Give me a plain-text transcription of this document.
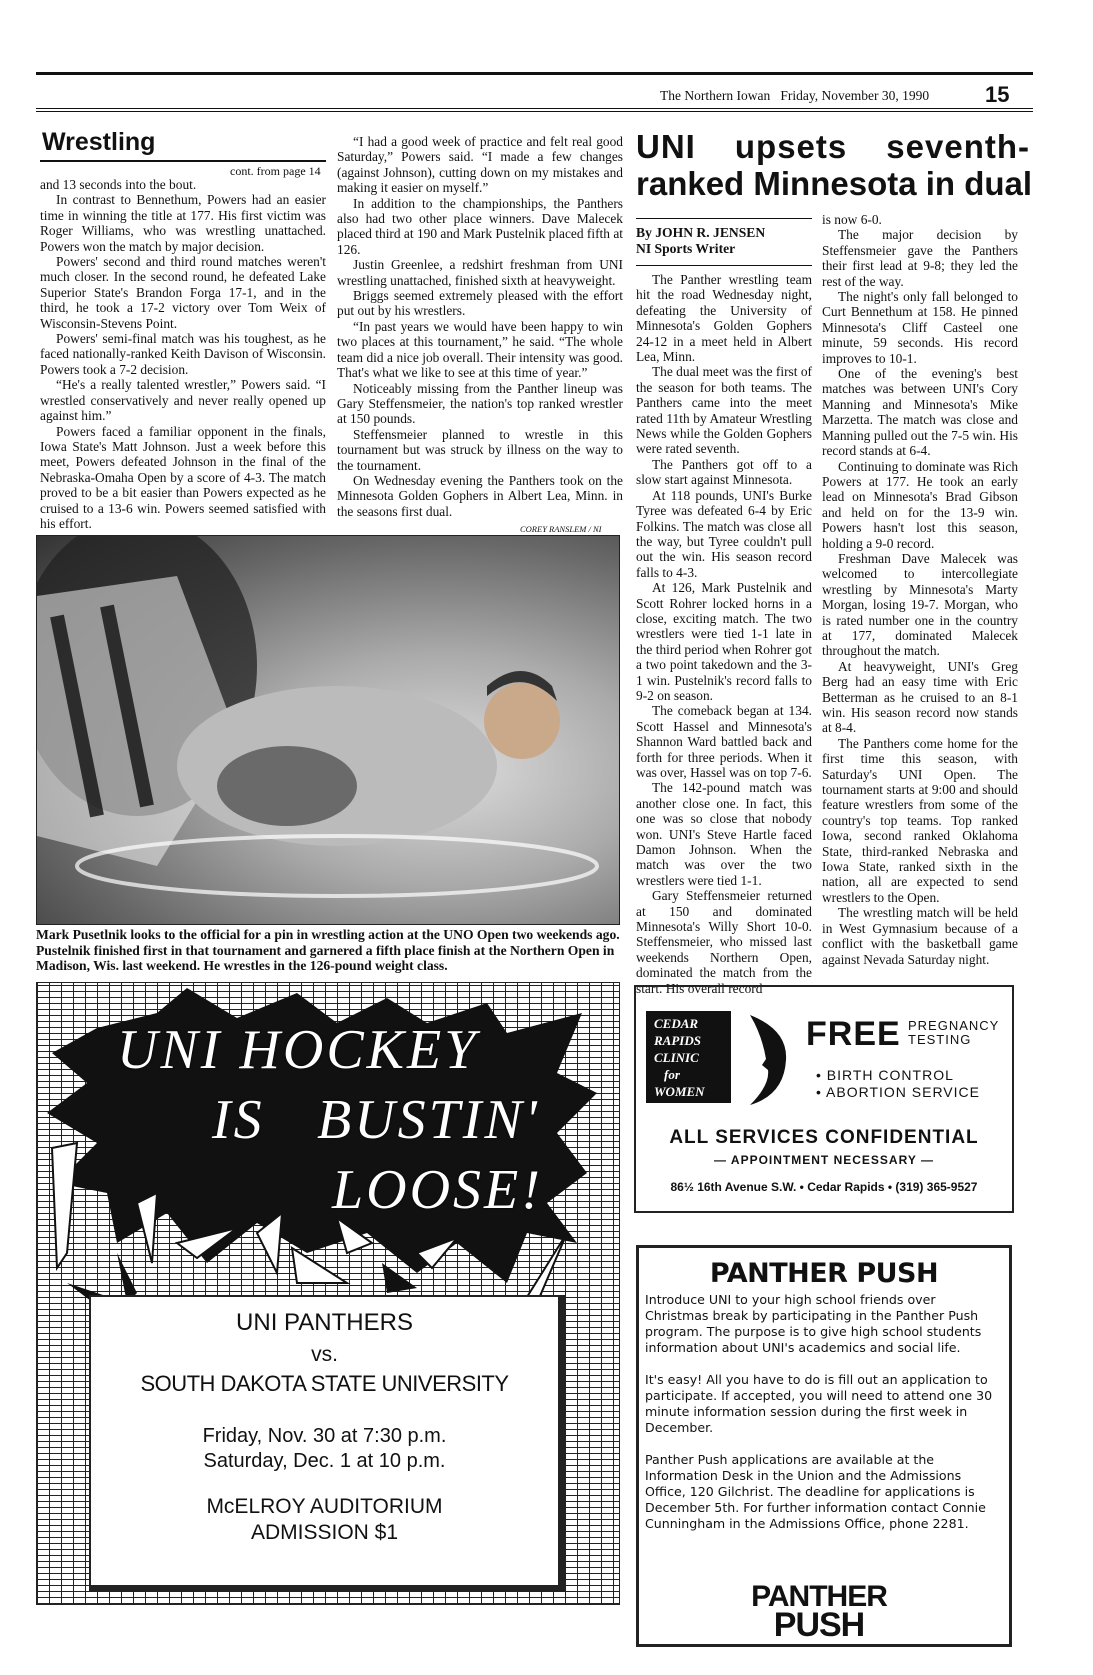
The Northern Iowan Friday, November 30, 1990	15
Wrestling
cont. from page 14

and 13 seconds into the bout.

In contrast to Bennethum, Powers had an easier time in winning the title at 177. His first victim was Roger Williams, who was wrestling unattached. Powers won the match by major decision.

Powers' second and third round matches weren't much closer. In the second round, he defeated Lake Superior State's Brandon Forga 17-1, and in the third, he took a 17-2 victory over Tom Weix of Wisconsin-Stevens Point.

Powers' semi-final match was his toughest, as he faced nationally-ranked Keith Davison of Wisconsin. Powers took a 7-2 decision.

“He's a really talented wrestler,” Powers said. “I wrestled conservatively and never really opened up against him.”

Powers faced a familiar opponent in the finals, Iowa State's Matt Johnson. Just a week before this meet, Powers defeated Johnson in the final of the Nebraska-Omaha Open by a score of 4-3. The match proved to be a bit easier than Powers expected as he cruised to a 13-6 win. Powers seemed satisfied with his effort.

“I had a good week of practice and felt real good Saturday,” Powers said. “I made a few changes (against Johnson), cutting down on my mistakes and making it easier on myself.”

In addition to the championships, the Panthers also had two other place winners. Dave Malecek placed third at 190 and Mark Pustelnik placed fifth at 126.

Justin Greenlee, a redshirt freshman from UNI wrestling unattached, finished sixth at heavyweight.

Briggs seemed extremely pleased with the effort put out by his wrestlers.

“In past years we would have been happy to win two places at this tournament,” he said. “The whole team did a nice job overall. Their intensity was good. That's what we like to see at this time of year.”

Noticeably missing from the Panther lineup was Gary Steffensmeier, the nation's top ranked wrestler at 150 pounds.

Steffensmeier planned to wrestle in this tournament but was struck by illness on the way to the tournament.

On Wednesday evening the Panthers took on the Minnesota Golden Gophers in Albert Lea, Minn. in the seasons first dual.

COREY RANSLEM / NI
Mark Pusetlnik looks to the official for a pin in wrestling action at the UNO Open two weekends ago. Pustelnik finished first in that tournament and garnered a fifth place finish at the Northern Open in Madison, Wis. last weekend. He wrestles in the 126-pound weight class.
UNI upsets seventh-
ranked Minnesota in dual
By JOHN R. JENSEN
NI Sports Writer

The Panther wrestling team hit the road Wednesday night, defeating the University of Minnesota's Golden Gophers 24-12 in a meet held in Albert Lea, Minn.

The dual meet was the first of the season for both teams. The Panthers came into the meet rated 11th by Amateur Wrestling News while the Golden Gophers were rated seventh.

The Panthers got off to a slow start against Minnesota.

At 118 pounds, UNI's Burke Tyree was defeated 6-4 by Eric Folkins. The match was close all the way, but Tyree couldn't pull out the win. His season record falls to 4-3.

At 126, Mark Pustelnik and Scott Rohrer locked horns in a close, exciting match. The two wrestlers were tied 1-1 late in the third period when Rohrer got a two point takedown and the 3-1 win. Pustelnik's record falls to 9-2 on season.

The comeback began at 134. Scott Hassel and Minnesota's Shannon Ward battled back and forth for three periods. When it was over, Hassel was on top 7-6.

The 142-pound match was another close one. In fact, this one was so close that nobody won. UNI's Steve Hartle faced Damon Johnson. When the match was over the two wrestlers were tied 1-1.

Gary Steffensmeier returned at 150 and dominated Minnesota's Willy Short 10-0. Steffensmeier, who missed last weekends Northern Open, dominated the match from the start. His overall record

is now 6-0.

The major decision by Steffensmeier gave the Panthers their first lead at 9-8; they led the rest of the way.

The night's only fall belonged to Curt Bennethum at 158. He pinned Minnesota's Cliff Casteel one minute, 59 seconds. His record improves to 10-1.

One of the evening's best matches was between UNI's Cory Manning and Minnesota's Mike Marzetta. The match was close and Manning pulled out the 7-5 win. His record stands at 6-4.

Continuing to dominate was Rich Powers at 177. He took an early lead on Minnesota's Brad Gibson and held on for the 13-9 win. Powers hasn't lost this season, holding a 9-0 record.

Freshman Dave Malecek was welcomed to intercollegiate wrestling by Minnesota's Marty Morgan, losing 19-7. Morgan, who is rated number one in the country at 177, dominated Malecek throughout the match.

At heavyweight, UNI's Greg Berg had an easy time with Eric Betterman as he cruised to an 8-1 win. His season record now stands at 8-4.

The Panthers come home for the first time this season, with Saturday's UNI Open. The tournament starts at 9:00 and should feature wrestlers from some of the country's top teams. Top ranked Iowa, second ranked Oklahoma State, third-ranked Nebraska and Iowa State, ranked sixth in the nation, all are expected to send wrestlers to the Open.

The wrestling match will be held in West Gymnasium because of a conflict with the basketball game against Nevada Saturday night.

UNI HOCKEY
IS BUSTIN'
LOOSE!
UNI PANTHERS
vs.
SOUTH DAKOTA STATE UNIVERSITY
Friday, Nov. 30 at 7:30 p.m.
Saturday, Dec. 1 at 10 p.m.
McELROY AUDITORIUM
ADMISSION $1
CEDAR
RAPIDS
CLINIC
for
WOMEN
FREE PREGNANCY
TESTING
• BIRTH CONTROL
• ABORTION SERVICE
ALL SERVICES CONFIDENTIAL
— APPOINTMENT NECESSARY —
86½ 16th Avenue S.W. • Cedar Rapids • (319) 365-9527
PANTHER PUSH
Introduce UNI to your high school friends over Christmas break by participating in the Panther Push program. The purpose is to give high school students information about UNI's academics and social life.
It's easy! All you have to do is fill out an application to participate. If accepted, you will need to attend one 30 minute information session during the first week in December.
Panther Push applications are available at the Information Desk in the Union and the Admissions Office, 120 Gilchrist. The deadline for applications is December 5th. For further information contact Connie Cunningham in the Admissions Office, phone 2281.
PANTHER
PUSH
